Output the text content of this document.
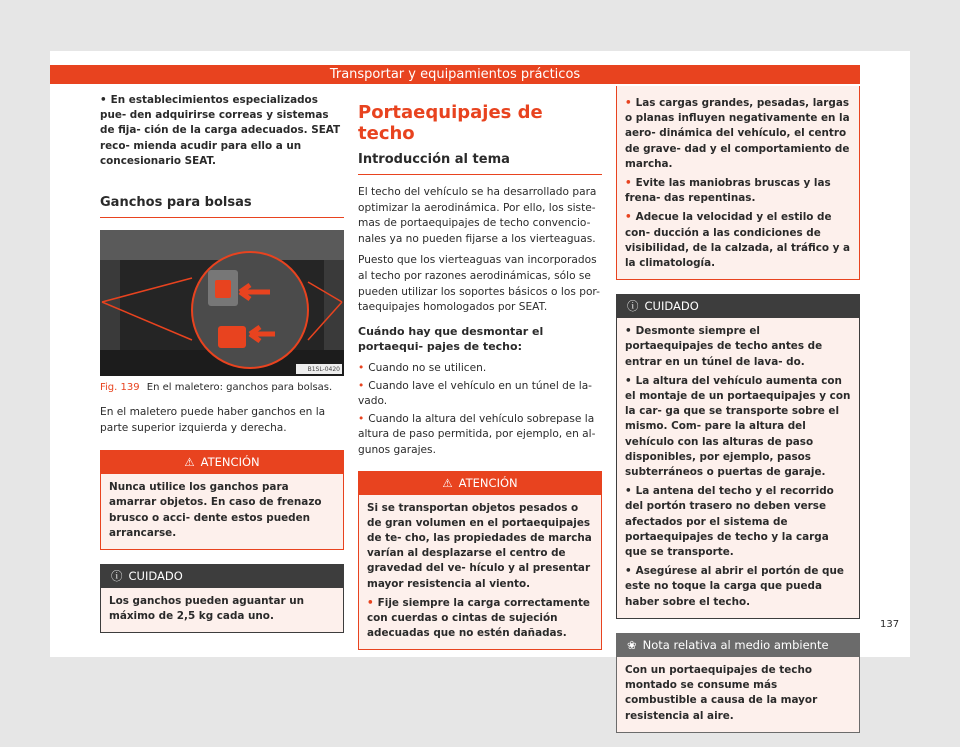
Transportar y equipamientos prácticos

• En establecimientos especializados pue- den adquirirse correas y sistemas de fija- ción de la carga adecuados. SEAT reco- mienda acudir para ello a un concesionario SEAT.

Ganchos para bolsas
B1SL-0420
Fig. 139 En el maletero: ganchos para bolsas.

En el maletero puede haber ganchos en la parte superior izquierda y derecha.

⚠ ATENCIÓN

Nunca utilice los ganchos para amarrar objetos. En caso de frenazo brusco o acci- dente estos pueden arrancarse.

ⓘ CUIDADO

Los ganchos pueden aguantar un máximo de 2,5 kg cada uno.

Portaequipajes de techo
Introducción al tema

El techo del vehículo se ha desarrollado para optimizar la aerodinámica. Por ello, los siste- mas de portaequipajes de techo convencio- nales ya no pueden fijarse a los vierteaguas.

Puesto que los vierteaguas van incorporados al techo por razones aerodinámicas, sólo se pueden utilizar los soportes básicos o los por- taequipajes homologados por SEAT.

Cuándo hay que desmontar el portaequi- pajes de techo:

• Cuando no se utilicen.

• Cuando lave el vehículo en un túnel de la- vado.

• Cuando la altura del vehículo sobrepase la altura de paso permitida, por ejemplo, en al- gunos garajes.

⚠ ATENCIÓN

Si se transportan objetos pesados o de gran volumen en el portaequipajes de te- cho, las propiedades de marcha varían al desplazarse el centro de gravedad del ve- hículo y al presentar mayor resistencia al viento.

• Fije siempre la carga correctamente con cuerdas o cintas de sujeción adecuadas que no estén dañadas.

• Las cargas grandes, pesadas, largas o planas influyen negativamente en la aero- dinámica del vehículo, el centro de grave- dad y el comportamiento de marcha.

• Evite las maniobras bruscas y las frena- das repentinas.

• Adecue la velocidad y el estilo de con- ducción a las condiciones de visibilidad, de la calzada, al tráfico y a la climatología.

ⓘ CUIDADO

• Desmonte siempre el portaequipajes de techo antes de entrar en un túnel de lava- do.

• La altura del vehículo aumenta con el montaje de un portaequipajes y con la car- ga que se transporte sobre el mismo. Com- pare la altura del vehículo con las alturas de paso disponibles, por ejemplo, pasos subterráneos o puertas de garaje.

• La antena del techo y el recorrido del portón trasero no deben verse afectados por el sistema de portaequipajes de techo y la carga que se transporte.

• Asegúrese al abrir el portón de que este no toque la carga que pueda haber sobre el techo.

❀ Nota relativa al medio ambiente

Con un portaequipajes de techo montado se consume más combustible a causa de la mayor resistencia al aire.

137
